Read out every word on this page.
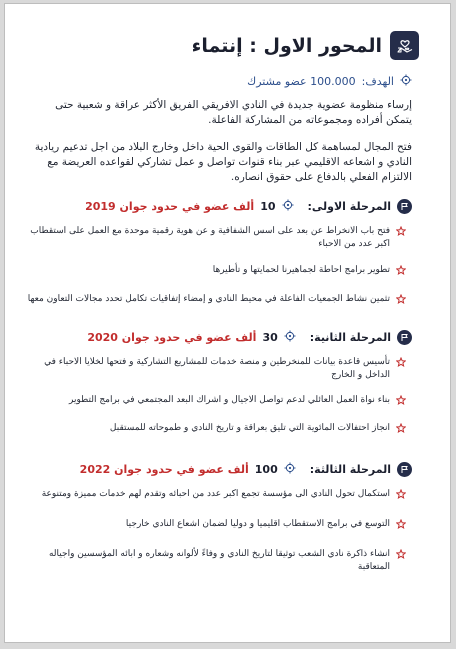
المحور الاول : إنتماء
الهدف:
100.000 عضو مشترك
إرساء منظومة عضوية جديدة في النادي الافريقي الفريق الأكثر عراقة و شعبية حتى يتمكن أفراده ومجموعاته من المشاركة الفاعلة.
فتح المجال لمساهمة كل الطاقات والقوى الحية داخل وخارج البلاد من اجل تدعيم ريادية النادي و اشعاعه الاقليمي عبر بناء قنوات تواصل و عمل تشاركي لقواعده العريضة مع الالتزام الفعلي بالدفاع على حقوق انصاره.
المرحلة الاولى:
10
ألف عضو في حدود جوان 2019
فتح باب الانخراط عن بعد على اسس الشفافية و عن هوية رقمية موحدة مع العمل على استقطاب اكبر عدد من الاحباء
تطوير برامج احاطة لجماهيرنا لحمايتها و تأطيرها
تثمين نشاط الجمعيات الفاعلة في محيط النادي و إمضاء إتفاقيات تكامل تحدد مجالات التعاون معها
المرحلة الثانية:
30
ألف عضو في حدود جوان 2020
تأسيس قاعدة بيانات للمنخرطين و منصة خدمات للمشاريع التشاركية و فتحها لخلايا الاحباء في الداخل و الخارج
بناء نواة العمل العائلي لدعم تواصل الاجيال و اشراك البعد المجتمعي في برامج التطوير
انجاز احتفالات المائوية التي تليق بعراقة و تاريخ النادي و طموحاته للمستقبل
المرحلة الثالثة:
100
ألف عضو في حدود جوان 2022
استكمال تحول النادي الى مؤسسة تجمع اكبر عدد من احبائه وتقدم لهم خدمات مميزة ومتنوعة
التوسع في برامج الاستقطاب اقليميا و دوليا لضمان اشعاع النادي خارجيا
انشاء ذاكرة نادي الشعب توثيقا لتاريخ النادي و وفاءً لألوانه وشعاره و ابائه المؤسسين واجياله المتعاقبة
